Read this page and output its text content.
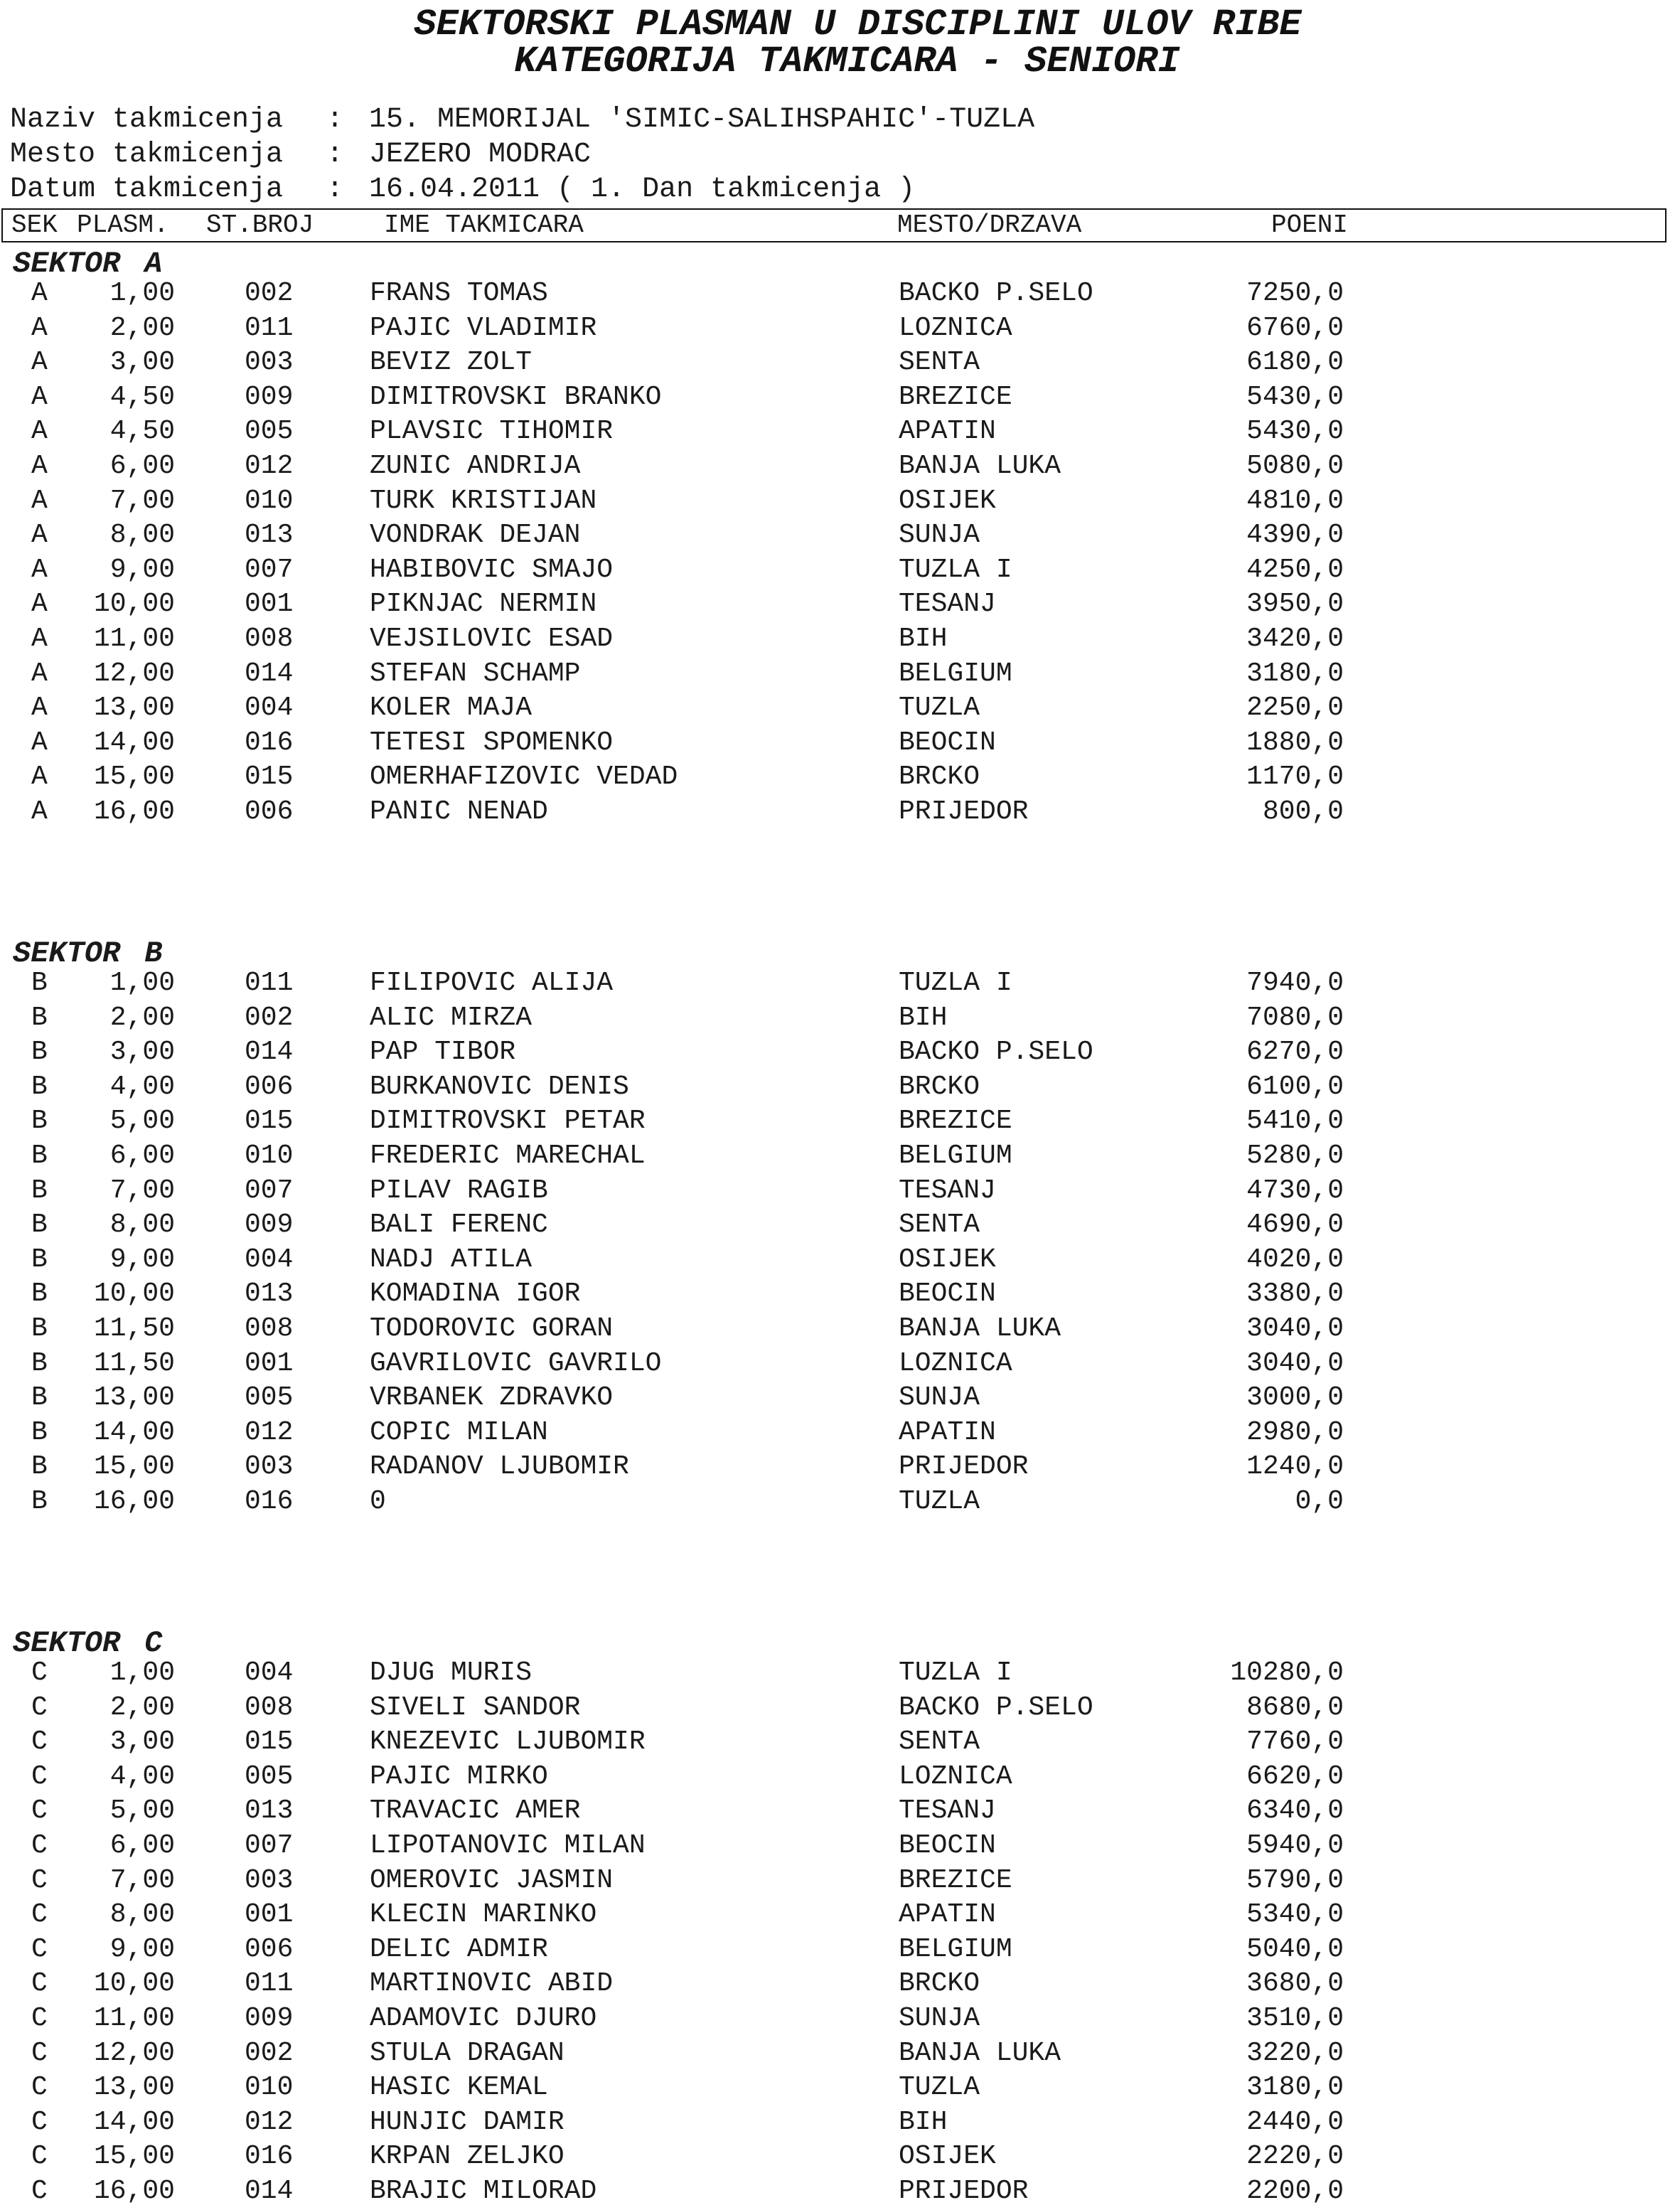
SEKTORSKI PLASMAN U DISCIPLINI ULOV RIBE
KATEGORIJA TAKMICARA - SENIORI
Naziv takmicenja : 15. MEMORIJAL 'SIMIC-SALIHSPAHIC'-TUZLA
Mesto takmicenja : JEZERO MODRAC
Datum takmicenja : 16.04.2011 ( 1. Dan takmicenja )
SEK PLASM. ST.BROJ	IME TAKMICARA	MESTO/DRZAVA	POENI
SEKTOR A
A	1,00	002	FRANS TOMAS	BACKO P.SELO	7250,0
A	2,00	011	PAJIC VLADIMIR	LOZNICA	6760,0
A	3,00	003	BEVIZ ZOLT	SENTA	6180,0
A	4,50	009	DIMITROVSKI BRANKO	BREZICE	5430,0
A	4,50	005	PLAVSIC TIHOMIR	APATIN	5430,0
A	6,00	012	ZUNIC ANDRIJA	BANJA LUKA	5080,0
A	7,00	010	TURK KRISTIJAN	OSIJEK	4810,0
A	8,00	013	VONDRAK DEJAN	SUNJA	4390,0
A	9,00	007	HABIBOVIC SMAJO	TUZLA I	4250,0
A	10,00	001	PIKNJAC NERMIN	TESANJ	3950,0
A	11,00	008	VEJSILOVIC ESAD	BIH	3420,0
A	12,00	014	STEFAN SCHAMP	BELGIUM	3180,0
A	13,00	004	KOLER MAJA	TUZLA	2250,0
A	14,00	016	TETESI SPOMENKO	BEOCIN	1880,0
A	15,00	015	OMERHAFIZOVIC VEDAD	BRCKO	1170,0
A	16,00	006	PANIC NENAD	PRIJEDOR	800,0
SEKTOR B
B	1,00	011	FILIPOVIC ALIJA	TUZLA I	7940,0
B	2,00	002	ALIC MIRZA	BIH	7080,0
B	3,00	014	PAP TIBOR	BACKO P.SELO	6270,0
B	4,00	006	BURKANOVIC DENIS	BRCKO	6100,0
B	5,00	015	DIMITROVSKI PETAR	BREZICE	5410,0
B	6,00	010	FREDERIC MARECHAL	BELGIUM	5280,0
B	7,00	007	PILAV RAGIB	TESANJ	4730,0
B	8,00	009	BALI FERENC	SENTA	4690,0
B	9,00	004	NADJ ATILA	OSIJEK	4020,0
B	10,00	013	KOMADINA IGOR	BEOCIN	3380,0
B	11,50	008	TODOROVIC GORAN	BANJA LUKA	3040,0
B	11,50	001	GAVRILOVIC GAVRILO	LOZNICA	3040,0
B	13,00	005	VRBANEK ZDRAVKO	SUNJA	3000,0
B	14,00	012	COPIC MILAN	APATIN	2980,0
B	15,00	003	RADANOV LJUBOMIR	PRIJEDOR	1240,0
B	16,00	016	0	TUZLA	0,0
SEKTOR C
C	1,00	004	DJUG MURIS	TUZLA I	10280,0
C	2,00	008	SIVELI SANDOR	BACKO P.SELO	8680,0
C	3,00	015	KNEZEVIC LJUBOMIR	SENTA	7760,0
C	4,00	005	PAJIC MIRKO	LOZNICA	6620,0
C	5,00	013	TRAVACIC AMER	TESANJ	6340,0
C	6,00	007	LIPOTANOVIC MILAN	BEOCIN	5940,0
C	7,00	003	OMEROVIC JASMIN	BREZICE	5790,0
C	8,00	001	KLECIN MARINKO	APATIN	5340,0
C	9,00	006	DELIC ADMIR	BELGIUM	5040,0
C	10,00	011	MARTINOVIC ABID	BRCKO	3680,0
C	11,00	009	ADAMOVIC DJURO	SUNJA	3510,0
C	12,00	002	STULA DRAGAN	BANJA LUKA	3220,0
C	13,00	010	HASIC KEMAL	TUZLA	3180,0
C	14,00	012	HUNJIC DAMIR	BIH	2440,0
C	15,00	016	KRPAN ZELJKO	OSIJEK	2220,0
C	16,00	014	BRAJIC MILORAD	PRIJEDOR	2200,0
